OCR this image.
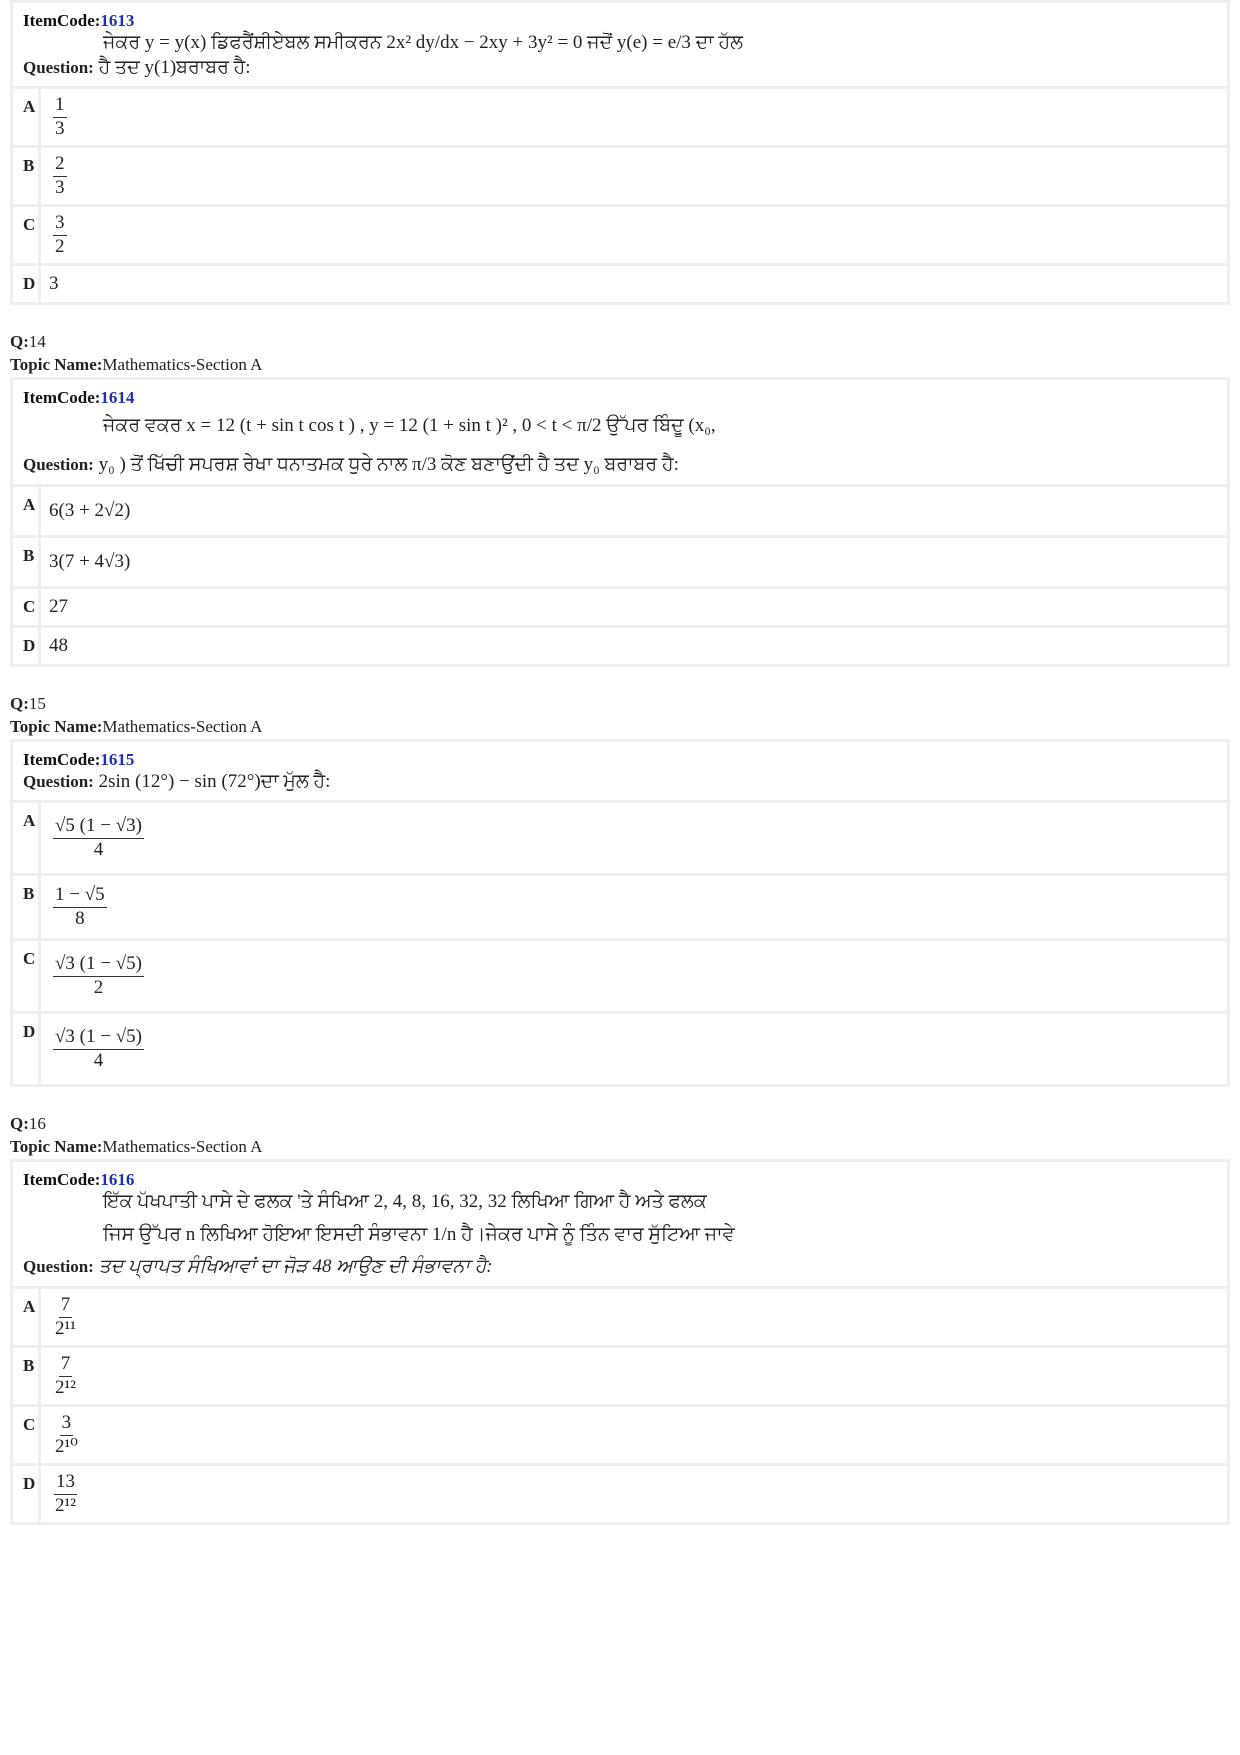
ItemCode:1613
ਜੇਕਰ y = y(x) ਡਿਫਰੈਂਸ਼ੀਏਬਲ ਸਮੀਕਰਨ 2x² dy/dx − 2xy + 3y² = 0 ਜਦੋਂ y(e) = e/3 ਦਾ ਹੱਲ
Question: ਹੈ ਤਦ y(1)ਬਰਾਬਰ ਹੈ:
A $\frac{1}{3}$
B $\frac{2}{3}$
C $\frac{3}{2}$
D 3
Q:14
Topic Name:Mathematics-Section A
ItemCode:1614
ਜੇਕਰ ਵਕਰ x = 12 (t + sin t cos t ) , y = 12 (1 + sin t )² , 0 < t < π/2 ਉੱਪਰ ਬਿੰਦੂ (x₀,
Question: y₀ ) ਤੋਂ ਖਿੱਚੀ ਸਪਰਸ਼ ਰੇਖਾ ਧਨਾਤਮਕ ਧੁਰੇ ਨਾਲ π/3 ਕੋਣ ਬਣਾਉਂਦੀ ਹੈ ਤਦ y₀ ਬਰਾਬਰ ਹੈ:
A 6(3 + 2√2)
B 3(7 + 4√3)
C 27
D 48
Q:15
Topic Name:Mathematics-Section A
ItemCode:1615
Question: 2sin (12°) − sin (72°)ਦਾ ਮੁੱਲ ਹੈ:
A $\frac{√5 (1 - √3)}{4}$
B $\frac{1 - √5}{8}$
C $\frac{√3 (1 - √5)}{2}$
D $\frac{√3 (1 - √5)}{4}$
Q:16
Topic Name:Mathematics-Section A
ItemCode:1616
ਇੱਕ ਪੱਖਪਾਤੀ ਪਾਸੇ ਦੇ ਫਲਕ 'ਤੇ ਸੰਖਿਆ 2, 4, 8, 16, 32, 32 ਲਿਖਿਆ ਗਿਆ ਹੈ ਅਤੇ ਫਲਕ
ਜਿਸ ਉੱਪਰ n ਲਿਖਿਆ ਹੋਇਆ ਇਸਦੀ ਸੰਭਾਵਨਾ 1/n ਹੈ।ਜੇਕਰ ਪਾਸੇ ਨੂੰ ਤਿੰਨ ਵਾਰ ਸੁੱਟਿਆ ਜਾਵੇ
Question: ਤਦ ਪ੍ਰਾਪਤ ਸੰਖਿਆਵਾਂ ਦਾ ਜੋੜ 48 ਆਉਣ ਦੀ ਸੰਭਾਵਨਾ ਹੈ:
A $\frac{7}{\text{2¹¹}}$
B $\frac{7}{\text{2¹²}}$
C $\frac{3}{\text{2¹⁰}}$
D $\frac{13}{\text{2¹²}}$
